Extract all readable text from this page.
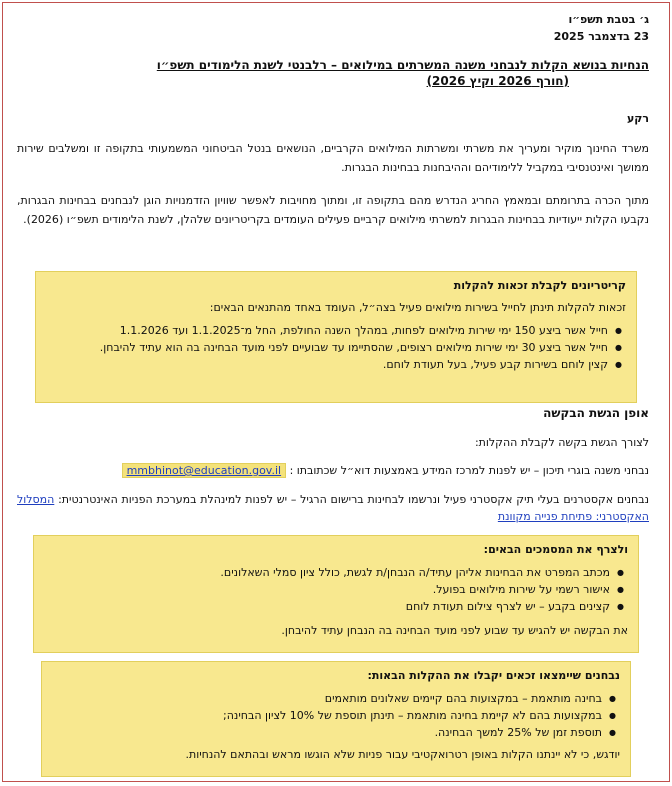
ג׳ בטבת תשפ״ו
23 בדצמבר 2025
הנחיות בנושא הקלות לנבחני משנה המשרתים במילואים – רלבנטי לשנת הלימודים תשפ״ו
(חורף 2026 וקיץ 2026)
רקע
משרד החינוך מוקיר ומעריך את משרתי ומשרתות המילואים הקרביים, הנושאים בנטל הביטחוני המשמעותי בתקופה זו ומשלבים שירות ממושך ואינטנסיבי במקביל ללימודיהם וההיבחנות בבחינות הבגרות.
מתוך הכרה בתרומתם ובמאמץ החריג הנדרש מהם בתקופה זו, ומתוך מחויבות לאפשר שוויון הזדמנויות הוגן לנבחנים בבחינות הבגרות, נקבעו הקלות ייעודיות בבחינות הבגרות למשרתי מילואים קרביים פעילים העומדים בקריטריונים שלהלן, לשנת הלימודים תשפ״ו (2026).
קריטריונים לקבלת זכאות להקלות

זכאות להקלות תינתן לחייל בשירות מילואים פעיל בצה״ל, העומד באחד מהתנאים הבאים:

● חייל אשר ביצע 150 ימי שירות מילואים לפחות, במהלך השנה החולפת, החל מ־1.1.2025 ועד 1.1.2026
● חייל אשר ביצע 30 ימי שירות מילואים רצופים, שהסתיימו עד שבועיים לפני מועד הבחינה בה הוא עתיד להיבחן.
● קצין לוחם בשירות קבע פעיל, בעל תעודת לוחם.
אופן הגשת הבקשה
לצורך הגשת בקשה לקבלת ההקלות:
נבחני משנה בוגרי תיכון – יש לפנות למרכז המידע באמצעות דוא״ל שכתובתו : mmbhinot@education.gov.il
נבחנים אקסטרנים בעלי תיק אקסטרני פעיל ונרשמו לבחינות ברישום הרגיל – יש לפנות למינהלת במערכת הפניות האינטרנטית: המסלול האקסטרני: פתיחת פנייה מקוונת
ולצרף את המסמכים הבאים:
● מכתב המפרט את הבחינות אליהן עתיד/ה הנבחן/ת לגשת, כולל ציון סמלי השאלונים.
● אישור רשמי על שירות מילואים בפועל.
● קצינים בקבע – יש לצרף צילום תעודת לוחם

את הבקשה יש להגיש עד שבוע לפני מועד הבחינה בה הנבחן עתיד להיבחן.

נבחנים שיימצאו זכאים יקבלו את ההקלות הבאות:
● בחינה מותאמת – במקצועות בהם קיימים שאלונים מותאמים
● במקצועות בהם לא קיימת בחינה מותאמת – תינתן תוספת של 10% לציון הבחינה;
● תוספת זמן של 25% למשך הבחינה.

יודגש, כי לא יינתנו הקלות באופן רטרואקטיבי עבור פניות שלא הוגשו מראש ובהתאם להנחיות.
